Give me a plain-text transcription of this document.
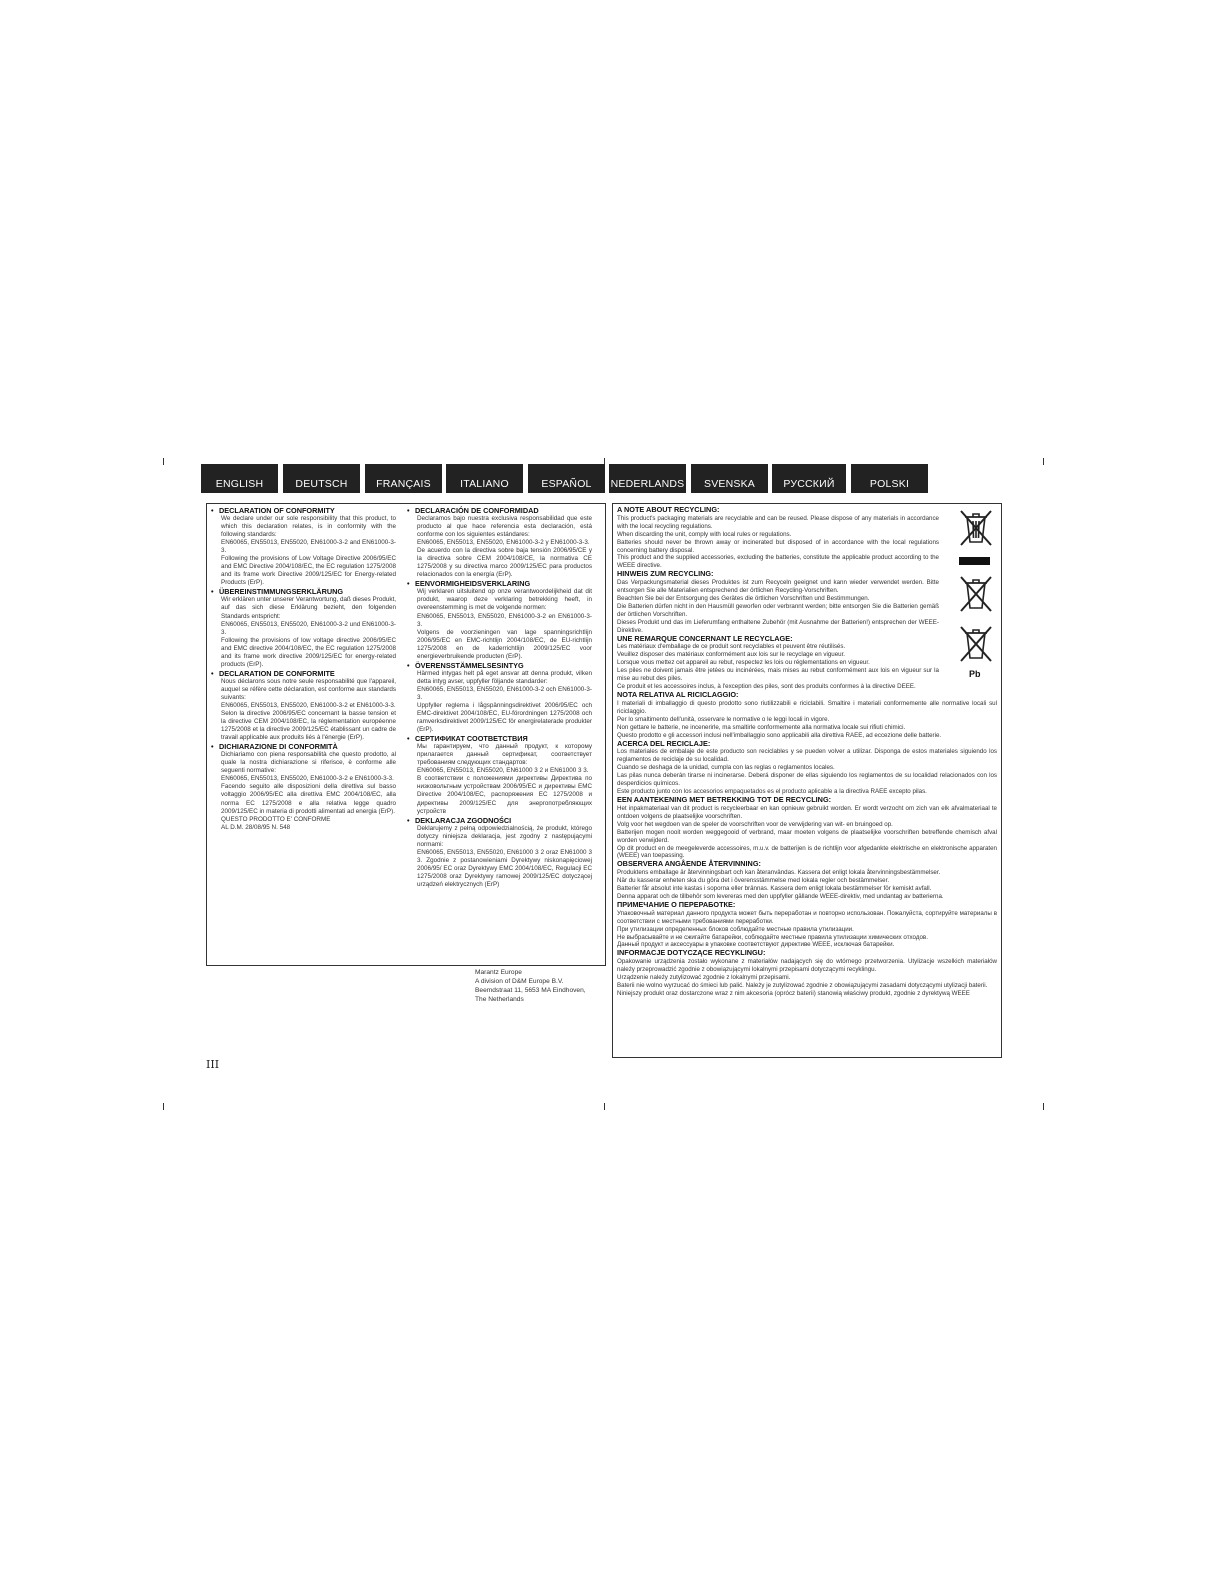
ENGLISH	DEUTSCH	FRANÇAIS	ITALIANO	ESPAÑOL	NEDERLANDS	SVENSKA	РУССКИЙ	POLSKI
• DECLARATION OF CONFORMITY

We declare under our sole responsibility that this product, to which this declaration relates, is in conformity with the following standards:
EN60065, EN55013, EN55020, EN61000-3-2 and EN61000-3-3.
Following the provisions of Low Voltage Directive 2006/95/EC and EMC Directive 2004/108/EC, the EC regulation 1275/2008 and its frame work Directive 2009/125/EC for Energy-related Products (ErP).

• ÜBEREINSTIMMUNGSERKLÄRUNG

Wir erklären unter unserer Verantwortung, daß dieses Produkt, auf das sich diese Erklärung bezieht, den folgenden Standards entspricht:
EN60065, EN55013, EN55020, EN61000-3-2 und EN61000-3-3.
Following the provisions of low voltage directive 2006/95/EC and EMC directive 2004/108/EC, the EC regulation 1275/2008 and its frame work directive 2009/125/EC for energy-related products (ErP).

• DECLARATION DE CONFORMITE

Nous déclarons sous notre seule responsabilité que l'appareil, auquel se réfère cette déclaration, est conforme aux standards suivants:
EN60065, EN55013, EN55020, EN61000-3-2 et EN61000-3-3.
Selon la directive 2006/95/EC concernant la basse tension et la directive CEM 2004/108/EC, la réglementation européenne 1275/2008 et la directive 2009/125/EC établissant un cadre de travail applicable aux produits liés à l'énergie (ErP).

• DICHIARAZIONE DI CONFORMITÀ

Dichiariamo con piena responsabilità che questo prodotto, al quale la nostra dichiarazione si riferisce, è conforme alle seguenti normative:
EN60065, EN55013, EN55020, EN61000-3-2 e EN61000-3-3.
Facendo seguito alle disposizioni della direttiva sul basso voltaggio 2006/95/EC alla direttiva EMC 2004/108/EC, alla norma EC 1275/2008 e alla relativa legge quadro 2009/125/EC in materia di prodotti alimentati ad energia (ErP).
QUESTO PRODOTTO E' CONFORME
AL D.M. 28/08/95 N. 548

• DECLARACIÓN DE CONFORMIDAD

Declaramos bajo nuestra exclusiva responsabilidad que este producto al que hace referencia esta declaración, está conforme con los siguientes estándares:
EN60065, EN55013, EN55020, EN61000-3-2 y EN61000-3-3.
De acuerdo con la directiva sobre baja tensión 2006/95/CE y la directiva sobre CEM 2004/108/CE, la normativa CE 1275/2008 y su directiva marco 2009/125/EC para productos relacionados con la energía (ErP).

• EENVORMIGHEIDSVERKLARING

Wij verklaren uitsluitend op onze verantwoordelijkheid dat dit produkt, waarop deze verklaring betrekking heeft, in overeenstemming is met de volgende normen:
EN60065, EN55013, EN55020, EN61000-3-2 en EN61000-3-3.
Volgens de voorzieningen van lage spanningsrichtlijn 2006/95/EC en EMC-richtlijn 2004/108/EC, de EU-richtlijn 1275/2008 en de kaderrichtlijn 2009/125/EC voor energieverbruikende producten (ErP).

• ÖVERENSSTÄMMELSESINTYG

Härmed intygas helt på eget ansvar att denna produkt, vilken detta intyg avser, uppfyller följande standarder:
EN60065, EN55013, EN55020, EN61000-3-2 och EN61000-3-3.
Uppfyller reglerna i lågspänningsdirektivet 2006/95/EC och EMC-direktivet 2004/108/EC, EU-förordningen 1275/2008 och ramverksdirektivet 2009/125/EC för energirelaterade produkter (ErP).

• СЕРТИФИКАТ СООТВЕТСТВИЯ

Мы гарантируем, что данный продукт, к которому прилагается данный сертификат, соответствует требованиям следующих стандартов:
EN60065, EN55013, EN55020, EN61000 3 2 и EN61000 3 3.
В соответствии с положениями директивы Директива по низковольтным устройствам 2006/95/EC и директивы EMC Directive 2004/108/EC, распоряжения EC 1275/2008 и директивы 2009/125/EC для энергопотребляющих устройств

• DEKLARACJA ZGODNOŚCI

Deklarujemy z pełną odpowiedzialnością, że produkt, którego dotyczy niniejsza deklaracja, jest zgodny z następującymi normami:
EN60065, EN55013, EN55020, EN61000 3 2 oraz EN61000 3 3. Zgodnie z postanowieniami Dyrektywy niskonapięciowej 2006/95/ EC oraz Dyrektywy EMC 2004/108/EC, Regulacji EC 1275/2008 oraz Dyrektywy ramowej 2009/125/EC dotyczącej urządzeń elektrycznych (ErP)

Marantz Europe
A division of D&M Europe B.V.
Beemdstraat 11, 5653 MA Eindhoven,
The Netherlands
A NOTE ABOUT RECYCLING:

This product's packaging materials are recyclable and can be reused. Please dispose of any materials in accordance with the local recycling regulations.
When discarding the unit, comply with local rules or regulations.
Batteries should never be thrown away or incinerated but disposed of in accordance with the local regulations concerning battery disposal.
This product and the supplied accessories, excluding the batteries, constitute the applicable product according to the WEEE directive.

HINWEIS ZUM RECYCLING:

Das Verpackungsmaterial dieses Produktes ist zum Recyceln geeignet und kann wieder verwendet werden. Bitte entsorgen Sie alle Materialien entsprechend der örtlichen Recycling-Vorschriften.
Beachten Sie bei der Entsorgung des Gerätes die örtlichen Vorschriften und Bestimmungen.
Die Batterien dürfen nicht in den Hausmüll geworfen oder verbrannt werden; bitte entsorgen Sie die Batterien gemäß der örtlichen Vorschriften.
Dieses Produkt und das im Lieferumfang enthaltene Zubehör (mit Ausnahme der Batterien!) entsprechen der WEEE-Direktive.

UNE REMARQUE CONCERNANT LE RECYCLAGE:

Les matériaux d'emballage de ce produit sont recyclables et peuvent être réutilisés.
Veuillez disposer des matériaux conformément aux lois sur le recyclage en vigueur.
Lorsque vous mettez cet appareil au rebut, respectez les lois ou réglementations en vigueur.
Les piles ne doivent jamais être jetées ou incinérées, mais mises au rebut conformément aux lois en vigueur sur la mise au rebut des piles.
Ce produit et les accessoires inclus, à l'exception des piles, sont des produits conformes à la directive DEEE.

NOTA RELATIVA AL RICICLAGGIO:

I materiali di imballaggio di questo prodotto sono riutilizzabili e riciclabili. Smaltire i materiali conformemente alle normative locali sul riciclaggio.
Per lo smaltimento dell'unità, osservare le normative o le leggi locali in vigore.
Non gettare le batterie, ne incenerirle, ma smaltirle conformemente alla normativa locale sui rifiuti chimici.
Questo prodotto e gli accessori inclusi nell'imballaggio sono applicabili alla direttiva RAEE, ad eccezione delle batterie.

ACERCA DEL RECICLAJE:

Los materiales de embalaje de este producto son reciclables y se pueden volver a utilizar. Disponga de estos materiales siguiendo los reglamentos de reciclaje de su localidad.
Cuando se deshaga de la unidad, cumpla con las reglas o reglamentos locales.
Las pilas nunca deberán tirarse ni incinerarse. Deberá disponer de ellas siguiendo los reglamentos de su localidad relacionados con los desperdicios químicos.
Este producto junto con los accesorios empaquetados es el producto aplicable a la directiva RAEE excepto pilas.

EEN AANTEKENING MET BETREKKING TOT DE RECYCLING:

Het inpakmateriaal van dit product is recycleerbaar en kan opnieuw gebruikt worden. Er wordt verzocht om zich van elk afvalmateriaal te ontdoen volgens de plaatselijke voorschriften.
Volg voor het wegdoen van de speler de voorschriften voor de verwijdering van wit- en bruingoed op.
Batterijen mogen nooit worden weggegooid of verbrand, maar moeten volgens de plaatselijke voorschriften betreffende chemisch afval worden verwijderd.
Op dit product en de meegeleverde accessoires, m.u.v. de batterijen is de richtlijn voor afgedankte elektrische en elektronische apparaten (WEEE) van toepassing.

OBSERVERA ANGÅENDE ÅTERVINNING:

Produktens emballage är återvinningsbart och kan återanvändas. Kassera det enligt lokala återvinningsbestämmelser.
När du kasserar enheten ska du göra det i överensstämmelse med lokala regler och bestämmelser.
Batterier får absolut inte kastas i soporna eller brännas. Kassera dem enligt lokala bestämmelser för kemiskt avfall.
Denna apparat och de tillbehör som levereras med den uppfyller gällande WEEE-direktiv, med undantag av batterierna.

ПРИМЕЧАНИЕ О ПЕРЕРАБОТКЕ:

Упаковочный материал данного продукта может быть переработан и повторно использован. Пожалуйста, сортируйте материалы в соответствии с местными требованиями переработки.
При утилизации определенных блоков соблюдайте местные правила утилизации.
Не выбрасывайте и не сжигайте батарейки, соблюдайте местные правила утилизации химических отходов.
Данный продукт и аксессуары в упаковке соответствуют директиве WEEE, исключая батарейки.

INFORMACJE DOTYCZĄCE RECYKLINGU:

Opakowanie urządzenia zostało wykonane z materiałów nadających się do wtórnego przetworzenia. Utylizacje wszelkich materiałów należy przeprowadzić zgodnie z obowiązującymi lokalnymi przepisami dotyczącymi recyklingu.
Urządzenie należy zutylizować zgodnie z lokalnymi przepisami.
Baterii nie wolno wyrzucać do śmieci lub palić. Należy je zutylizować zgodnie z obowiązującymi zasadami dotyczącymi utylizacji baterii.
Niniejszy produkt oraz dostarczone wraz z nim akcesoria (oprócz baterii) stanowią właściwy produkt, zgodnie z dyrektywą WEEE

Pb
III
